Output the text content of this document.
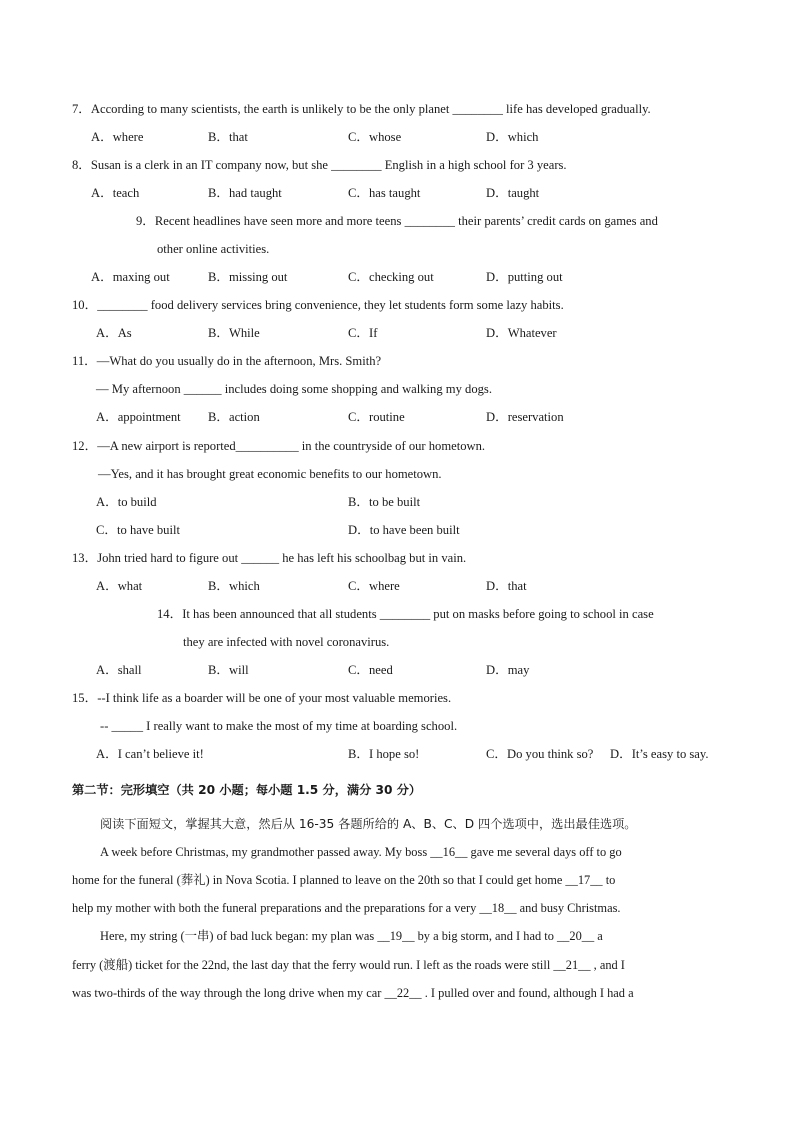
7．According to many scientists, the earth is unlikely to be the only planet ________ life has developed gradually.
A．where	B．that	C．whose	D．which
8．Susan is a clerk in an IT company now, but she ________ English in a high school for 3 years.
A．teach	B．had taught	C．has taught	D．taught
9．Recent headlines have seen more and more teens ________ their parents’ credit cards on games and
other online activities.
A．maxing out	B．missing out	C．checking out	D．putting out
10．________ food delivery services bring convenience, they let students form some lazy habits.
A．As	B．While	C．If	D．Whatever
11．—What do you usually do in the afternoon, Mrs. Smith?
— My afternoon ______ includes doing some shopping and walking my dogs.
A．appointment B．action	C．routine	D．reservation
12．—A new airport is reported__________ in the countryside of our hometown.
—Yes, and it has brought great economic benefits to our hometown.
A．to build	B．to be built
C．to have built	D．to have been built
13．John tried hard to figure out ______ he has left his schoolbag but in vain.
A．what	B．which	C．where	D．that
14．It has been announced that all students ________ put on masks before going to school in case
they are infected with novel coronavirus.
A．shall	B．will	C．need	D．may
15．--I think life as a boarder will be one of your most valuable memories.
-- _____ I really want to make the most of my time at boarding school.
A．I can’t believe it!	B．I hope so!	C．Do you think so? D．It’s easy to say.
第二节：完形填空（共 20 小题；每小题 1.5 分，满分 30 分）
阅读下面短文，掌握其大意，然后从 16-35 各题所给的 A、B、C、D 四个选项中，选出最佳选项。
A week before Christmas, my grandmother passed away. My boss __16__ gave me several days off to go
home for the funeral (葬礼) in Nova Scotia. I planned to leave on the 20th so that I could get home __17__ to
help my mother with both the funeral preparations and the preparations for a very __18__ and busy Christmas.
Here, my string (一串) of bad luck began: my plan was __19__ by a big storm, and I had to __20__ a
ferry (渡船) ticket for the 22nd, the last day that the ferry would run. I left as the roads were still __21__ , and I
was two-thirds of the way through the long drive when my car __22__ . I pulled over and found, although I had a
